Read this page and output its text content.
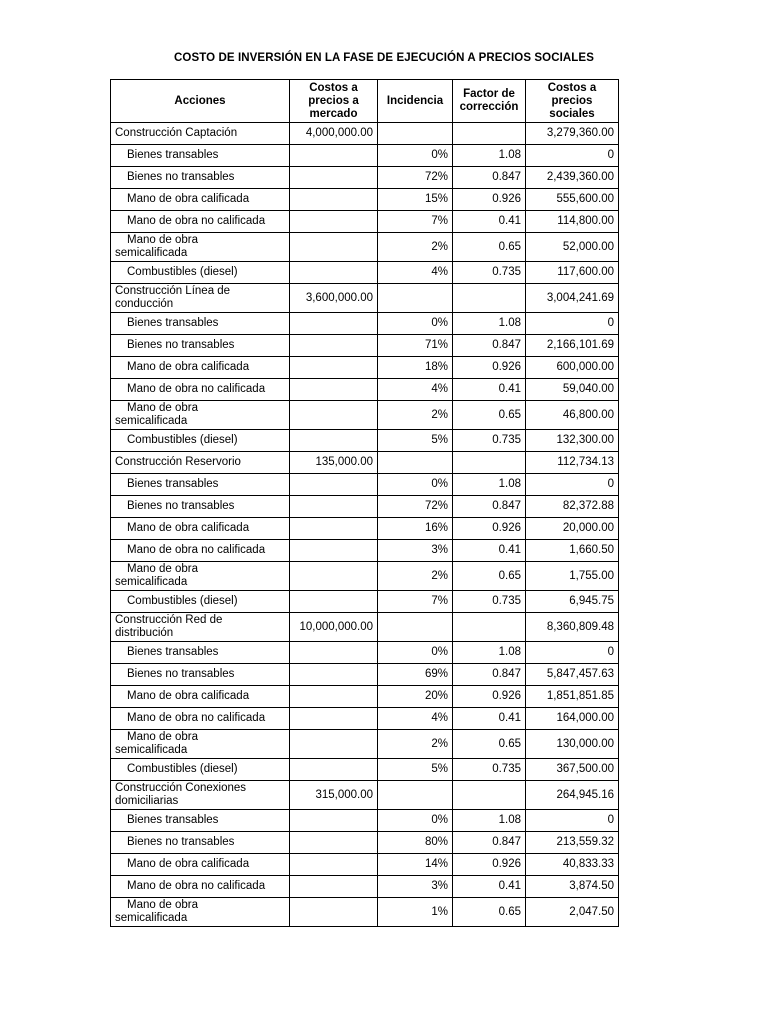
COSTO DE INVERSIÓN EN LA FASE DE EJECUCIÓN A PRECIOS SOCIALES
Acciones	Costos a precios a mercado	Incidencia	Factor de corrección	Costos a precios sociales
Construcción Captación	4,000,000.00			3,279,360.00
Bienes transables		0%	1.08	0
Bienes no transables		72%	0.847	2,439,360.00
Mano de obra calificada		15%	0.926	555,600.00
Mano de obra no calificada		7%	0.41	114,800.00
Mano de obra
semicalificada		2%	0.65	52,000.00
Combustibles (diesel)		4%	0.735	117,600.00
Construcción Línea de
conducción	3,600,000.00			3,004,241.69
Bienes transables		0%	1.08	0
Bienes no transables		71%	0.847	2,166,101.69
Mano de obra calificada		18%	0.926	600,000.00
Mano de obra no calificada		4%	0.41	59,040.00
Mano de obra
semicalificada		2%	0.65	46,800.00
Combustibles (diesel)		5%	0.735	132,300.00
Construcción Reservorio	135,000.00			112,734.13
Bienes transables		0%	1.08	0
Bienes no transables		72%	0.847	82,372.88
Mano de obra calificada		16%	0.926	20,000.00
Mano de obra no calificada		3%	0.41	1,660.50
Mano de obra
semicalificada		2%	0.65	1,755.00
Combustibles (diesel)		7%	0.735	6,945.75
Construcción Red de
distribución	10,000,000.00			8,360,809.48
Bienes transables		0%	1.08	0
Bienes no transables		69%	0.847	5,847,457.63
Mano de obra calificada		20%	0.926	1,851,851.85
Mano de obra no calificada		4%	0.41	164,000.00
Mano de obra
semicalificada		2%	0.65	130,000.00
Combustibles (diesel)		5%	0.735	367,500.00
Construcción Conexiones
domiciliarias	315,000.00			264,945.16
Bienes transables		0%	1.08	0
Bienes no transables		80%	0.847	213,559.32
Mano de obra calificada		14%	0.926	40,833.33
Mano de obra no calificada		3%	0.41	3,874.50
Mano de obra
semicalificada		1%	0.65	2,047.50
